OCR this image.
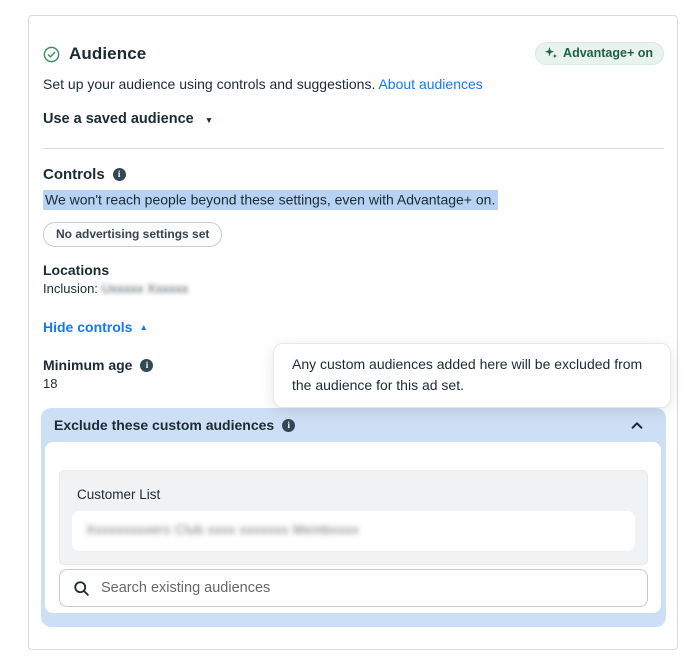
Audience	Advantage+ on

Set up your audience using controls and suggestions. About audiences

Use a saved audience ▼
Controls	i

We won't reach people beyond these settings, even with Advantage+ on.

No advertising settings set
Locations

Inclusion: Uxxxxx Xxxxxx

Hide controls ▲
Minimum age	i

18

Any custom audiences added here will be excluded from the audience for this ad set.
Exclude these custom audiences	i
Customer List
Xxxxxxxxxers Club xxxx xxxxxxx Membxxxx
Search existing audiences
